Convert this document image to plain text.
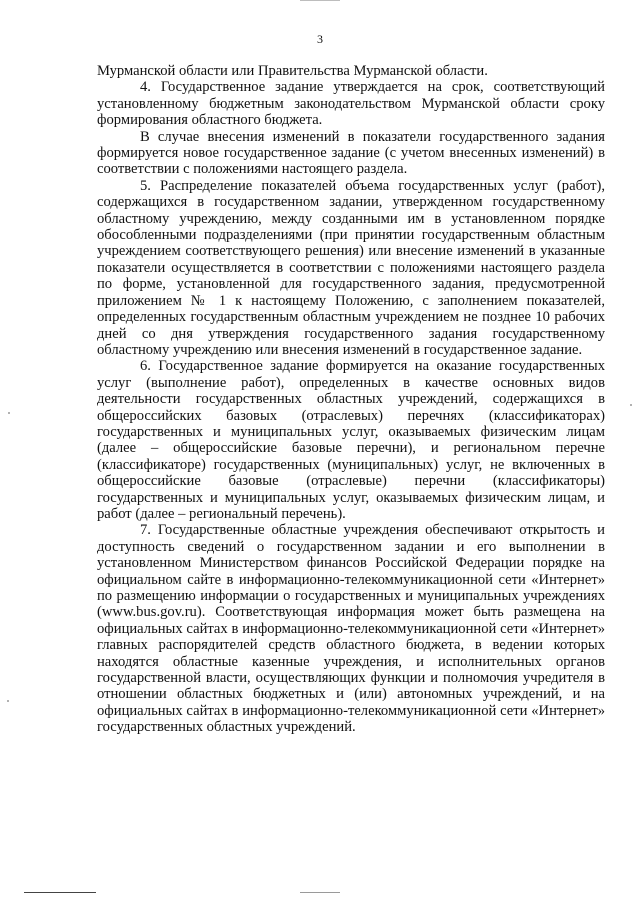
3

Мурманской области или Правительства Мурманской области.

4. Государственное задание утверждается на срок, соответствующий установленному бюджетным законодательством Мурманской области сроку формирования областного бюджета.

В случае внесения изменений в показатели государственного задания формируется новое государственное задание (с учетом внесенных изменений) в соответствии с положениями настоящего раздела.

5. Распределение показателей объема государственных услуг (работ), содержащихся в государственном задании, утвержденном государственному областному учреждению, между созданными им в установленном порядке обособленными подразделениями (при принятии государственным областным учреждением соответствующего решения) или внесение изменений в указанные показатели осуществляется в соответствии с положениями настоящего раздела по форме, установленной для государственного задания, предусмотренной приложением № 1 к настоящему Положению, с заполнением показателей, определенных государственным областным учреждением не позднее 10 рабочих дней со дня утверждения государственного задания государственному областному учреждению или внесения изменений в государственное задание.

6. Государственное задание формируется на оказание государственных услуг (выполнение работ), определенных в качестве основных видов деятельности государственных областных учреждений, содержащихся в общероссийских базовых (отраслевых) перечнях (классификаторах) государственных и муниципальных услуг, оказываемых физическим лицам (далее – общероссийские базовые перечни), и региональном перечне (классификаторе) государственных (муниципальных) услуг, не включенных в общероссийские базовые (отраслевые) перечни (классификаторы) государственных и муниципальных услуг, оказываемых физическим лицам, и работ (далее – региональный перечень).

7. Государственные областные учреждения обеспечивают открытость и доступность сведений о государственном задании и его выполнении в установленном Министерством финансов Российской Федерации порядке на официальном сайте в информационно-телекоммуникационной сети «Интернет» по размещению информации о государственных и муниципальных учреждениях (www.bus.gov.ru). Соответствующая информация может быть размещена на официальных сайтах в информационно-телекоммуникационной сети «Интернет» главных распорядителей средств областного бюджета, в ведении которых находятся областные казенные учреждения, и исполнительных органов государственной власти, осуществляющих функции и полномочия учредителя в отношении областных бюджетных и (или) автономных учреждений, и на официальных сайтах в информационно-телекоммуникационной сети «Интернет» государственных областных учреждений.
